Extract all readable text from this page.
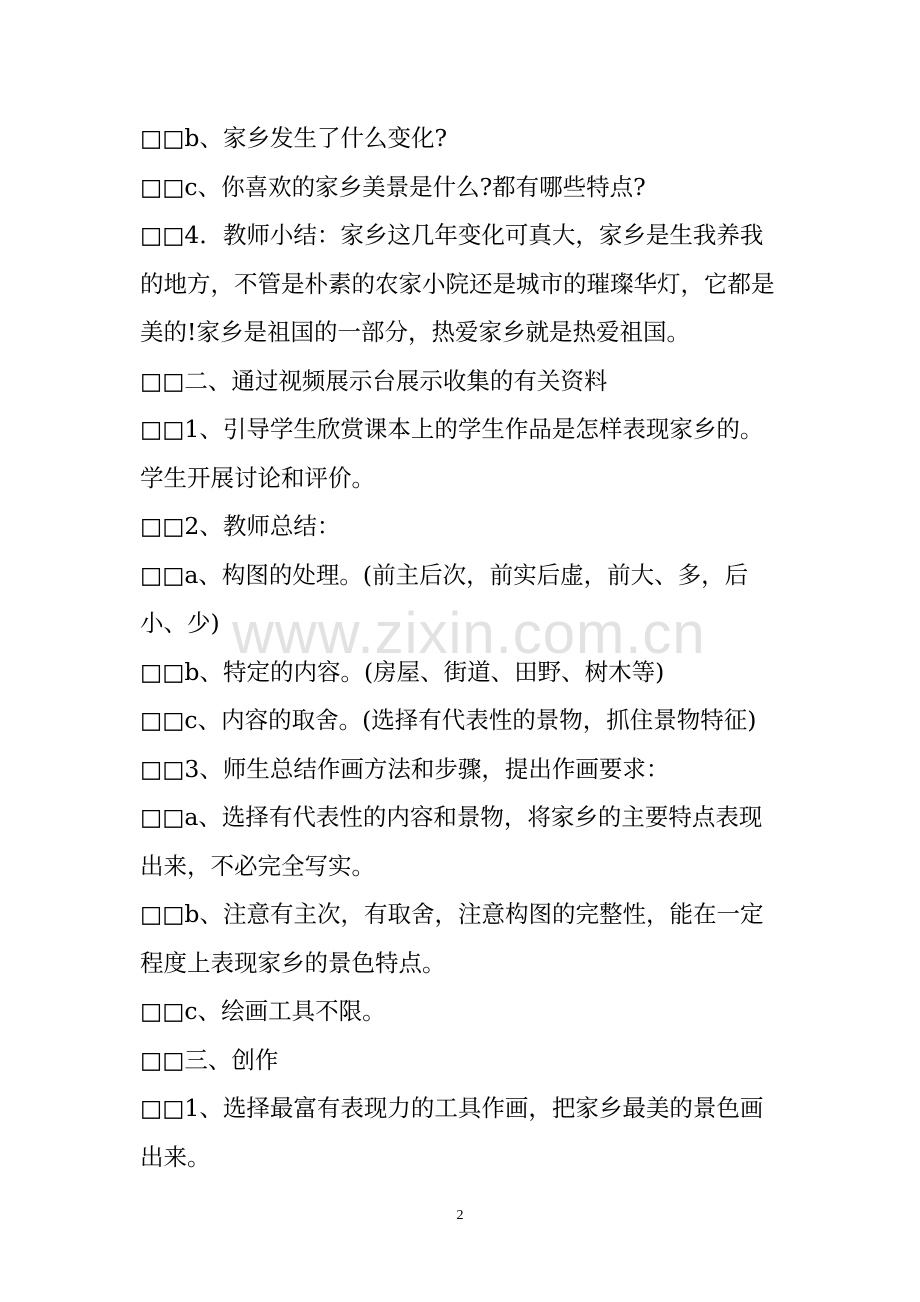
□□b、家乡发生了什么变化?

□□c、你喜欢的家乡美景是什么?都有哪些特点?

□□4．教师小结：家乡这几年变化可真大，家乡是生我养我的地方，不管是朴素的农家小院还是城市的璀璨华灯，它都是美的!家乡是祖国的一部分，热爱家乡就是热爱祖国。

□□二、通过视频展示台展示收集的有关资料

□□1、引导学生欣赏课本上的学生作品是怎样表现家乡的。学生开展讨论和评价。

□□2、教师总结：

□□a、构图的处理。(前主后次，前实后虚，前大、多，后小、少)

□□b、特定的内容。(房屋、街道、田野、树木等)

□□c、内容的取舍。(选择有代表性的景物，抓住景物特征)

□□3、师生总结作画方法和步骤，提出作画要求：

□□a、选择有代表性的内容和景物，将家乡的主要特点表现出来，不必完全写实。

□□b、注意有主次，有取舍，注意构图的完整性，能在一定程度上表现家乡的景色特点。

□□c、绘画工具不限。

□□三、创作

□□1、选择最富有表现力的工具作画，把家乡最美的景色画出来。

www.zixin.com.cn
2
